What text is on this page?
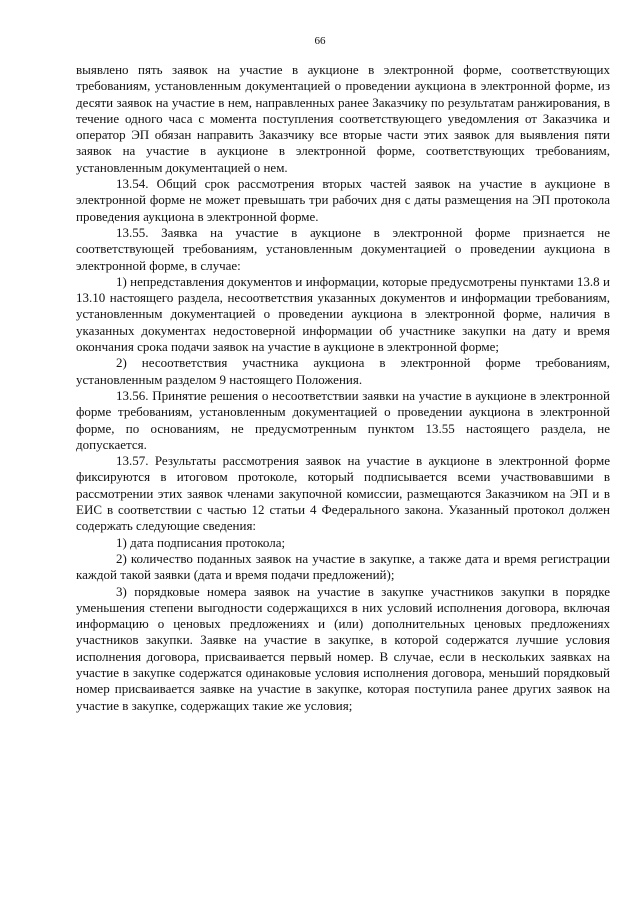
66

выявлено пять заявок на участие в аукционе в электронной форме, соответствующих требованиям, установленным документацией о проведении аукциона в электронной форме, из десяти заявок на участие в нем, направленных ранее Заказчику по результатам ранжирования, в течение одного часа с момента поступления соответствующего уведомления от Заказчика и оператор ЭП обязан направить Заказчику все вторые части этих заявок для выявления пяти заявок на участие в аукционе в электронной форме, соответствующих требованиям, установленным документацией о нем.

13.54. Общий срок рассмотрения вторых частей заявок на участие в аукционе в электронной форме не может превышать три рабочих дня с даты размещения на ЭП протокола проведения аукциона в электронной форме.

13.55. Заявка на участие в аукционе в электронной форме признается не соответствующей требованиям, установленным документацией о проведении аукциона в электронной форме, в случае:

1) непредставления документов и информации, которые предусмотрены пунктами 13.8 и 13.10 настоящего раздела, несоответствия указанных документов и информации требованиям, установленным документацией о проведении аукциона в электронной форме, наличия в указанных документах недостоверной информации об участнике закупки на дату и время окончания срока подачи заявок на участие в аукционе в электронной форме;

2) несоответствия участника аукциона в электронной форме требованиям, установленным разделом 9 настоящего Положения.

13.56. Принятие решения о несоответствии заявки на участие в аукционе в электронной форме требованиям, установленным документацией о проведении аукциона в электронной форме, по основаниям, не предусмотренным пунктом 13.55 настоящего раздела, не допускается.

13.57. Результаты рассмотрения заявок на участие в аукционе в электронной форме фиксируются в итоговом протоколе, который подписывается всеми участвовавшими в рассмотрении этих заявок членами закупочной комиссии, размещаются Заказчиком на ЭП и в ЕИС в соответствии с частью 12 статьи 4 Федерального закона. Указанный протокол должен содержать следующие сведения:

1) дата подписания протокола;

2) количество поданных заявок на участие в закупке, а также дата и время регистрации каждой такой заявки (дата и время подачи предложений);

3) порядковые номера заявок на участие в закупке участников закупки в порядке уменьшения степени выгодности содержащихся в них условий исполнения договора, включая информацию о ценовых предложениях и (или) дополнительных ценовых предложениях участников закупки. Заявке на участие в закупке, в которой содержатся лучшие условия исполнения договора, присваивается первый номер. В случае, если в нескольких заявках на участие в закупке содержатся одинаковые условия исполнения договора, меньший порядковый номер присваивается заявке на участие в закупке, которая поступила ранее других заявок на участие в закупке, содержащих такие же условия;
